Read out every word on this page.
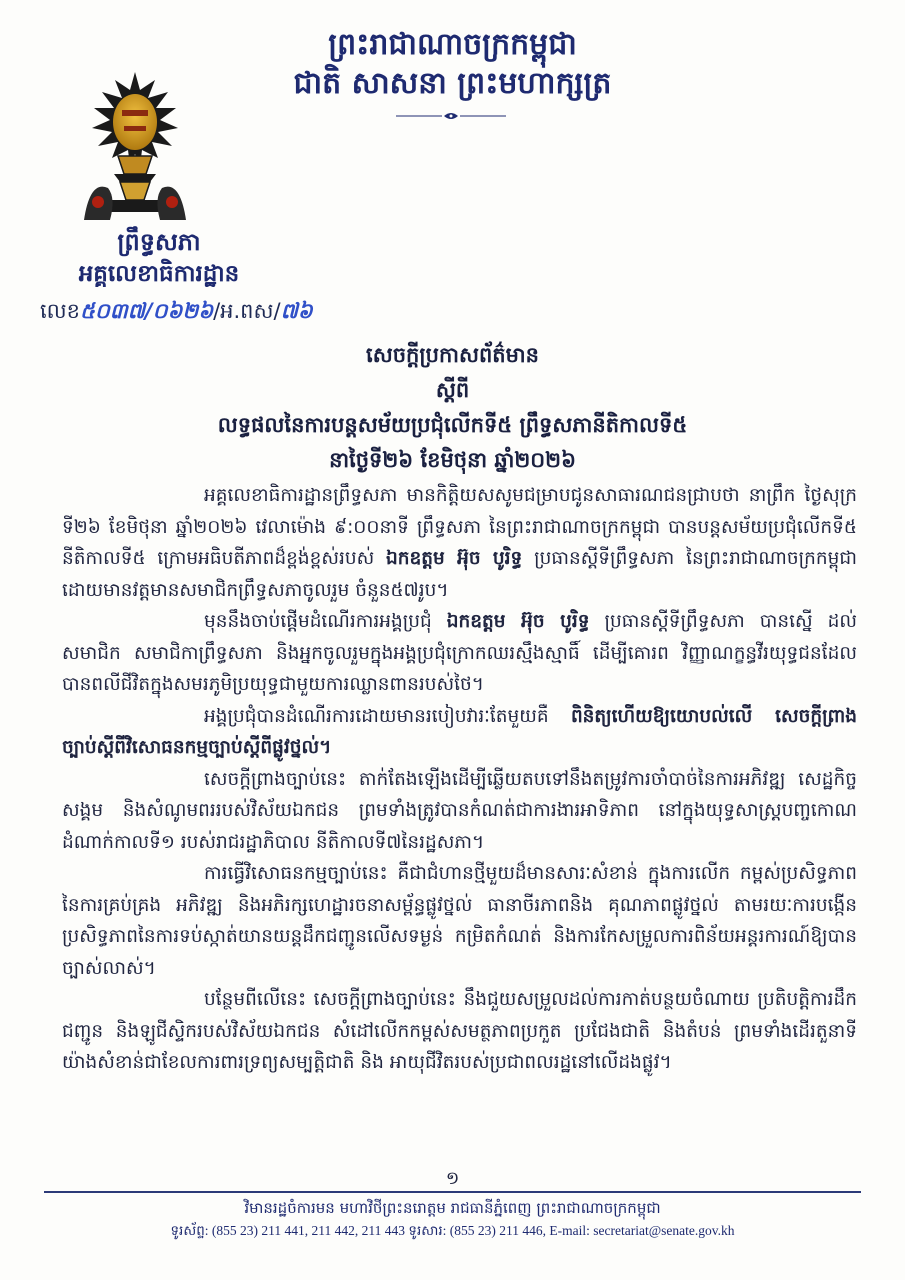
ព្រះរាជាណាចក្រកម្ពុជា
ជាតិ សាសនា ព្រះមហាក្សត្រ
ព្រឹទ្ធសភា
អគ្គលេខាធិការដ្ឋាន
លេខ៥០៣៧/០៦២៦/អ.ពស/៧៦
សេចក្ដីប្រកាសព័ត៌មាន
ស្ដីពី
លទ្ធផលនៃការបន្តសម័យប្រជុំលើកទី៥ ព្រឹទ្ធសភានីតិកាលទី៥
នាថ្ងៃទី២៦ ខែមិថុនា ឆ្នាំ២០២៦

អគ្គលេខាធិការដ្ឋានព្រឹទ្ធសភា មានកិត្តិយសសូមជម្រាបជូនសាធារណជនជ្រាបថា នាព្រឹក ថ្ងៃសុក្រ ទី២៦ ខែមិថុនា ឆ្នាំ២០២៦ វេលាម៉ោង ៩:០០នាទី ព្រឹទ្ធសភា នៃព្រះរាជាណាចក្រកម្ពុជា បានបន្តសម័យប្រជុំលើកទី៥ នីតិកាលទី៥ ក្រោមអធិបតីភាពដ៏ខ្ពង់ខ្ពស់របស់ ឯកឧត្តម អ៊ុច បូរិទ្ធ ប្រធានស្ដីទីព្រឹទ្ធសភា នៃព្រះរាជាណាចក្រកម្ពុជា ដោយមានវត្តមានសមាជិកព្រឹទ្ធសភាចូលរួម ចំនួន៥៧រូប។

មុននឹងចាប់ផ្ដើមដំណើរការអង្គប្រជុំ ឯកឧត្តម អ៊ុច បូរិទ្ធ ប្រធានស្ដីទីព្រឹទ្ធសភា បានស្នើ ដល់សមាជិក សមាជិកាព្រឹទ្ធសភា និងអ្នកចូលរួមក្នុងអង្គប្រជុំក្រោកឈរស្មឹងស្មាធិ៍ ដើម្បីគោរព វិញ្ញាណក្ខន្ធវីរយុទ្ធជនដែលបានពលីជីវិតក្នុងសមរភូមិប្រយុទ្ធជាមួយការឈ្លានពានរបស់ថៃ។

អង្គប្រជុំបានដំណើរការដោយមានរបៀបវារៈតែមួយគឺ ពិនិត្យហើយឱ្យយោបល់លើ សេចក្ដីព្រាងច្បាប់ស្ដីពីវិសោធនកម្មច្បាប់ស្ដីពីផ្លូវថ្នល់។

សេចក្ដីព្រាងច្បាប់នេះ តាក់តែងឡើងដើម្បីឆ្លើយតបទៅនឹងតម្រូវការចាំបាច់នៃការអភិវឌ្ឍ សេដ្ឋកិច្ច សង្គម និងសំណូមពររបស់វិស័យឯកជន ព្រមទាំងត្រូវបានកំណត់ជាការងារអាទិភាព នៅក្នុងយុទ្ធសាស្ត្របញ្ចកោណ ដំណាក់កាលទី១ របស់រាជរដ្ឋាភិបាល នីតិកាលទី៧នៃរដ្ឋសភា។

ការធ្វើវិសោធនកម្មច្បាប់នេះ គឺជាជំហានថ្មីមួយដ៏មានសារៈសំខាន់ ក្នុងការលើក កម្ពស់ប្រសិទ្ធភាពនៃការគ្រប់គ្រង អភិវឌ្ឍ និងអភិរក្សហេដ្ឋារចនាសម្ព័ន្ធផ្លូវថ្នល់ ធានាចីរភាពនិង គុណភាពផ្លូវថ្នល់ តាមរយៈការបង្កើនប្រសិទ្ធភាពនៃការទប់ស្កាត់យានយន្តដឹកជញ្ជូនលើសទម្ងន់ កម្រិតកំណត់ និងការកែសម្រួលការពិន័យអន្តរការណ៍ឱ្យបានច្បាស់លាស់។

បន្ថែមពីលើនេះ សេចក្ដីព្រាងច្បាប់នេះ នឹងជួយសម្រួលដល់ការកាត់បន្ថយចំណាយ ប្រតិបត្តិការដឹកជញ្ជូន និងឡូជីស្ទិករបស់វិស័យឯកជន សំដៅលើកកម្ពស់សមត្ថភាពប្រកួត ប្រជែងជាតិ និងតំបន់ ព្រមទាំងដើរតួនាទីយ៉ាងសំខាន់ជាខែលការពារទ្រព្យសម្បត្តិជាតិ និង អាយុជីវិតរបស់ប្រជាពលរដ្ឋនៅលើដងផ្លូវ។

១
វិមានរដ្ឋចំការមន មហាវិថីព្រះនរោត្តម រាជធានីភ្នំពេញ ព្រះរាជាណាចក្រកម្ពុជា
ទូរស័ព្ទ: (855 23) 211 441, 211 442, 211 443 ទូរសារ: (855 23) 211 446, E-mail: secretariat@senate.gov.kh
